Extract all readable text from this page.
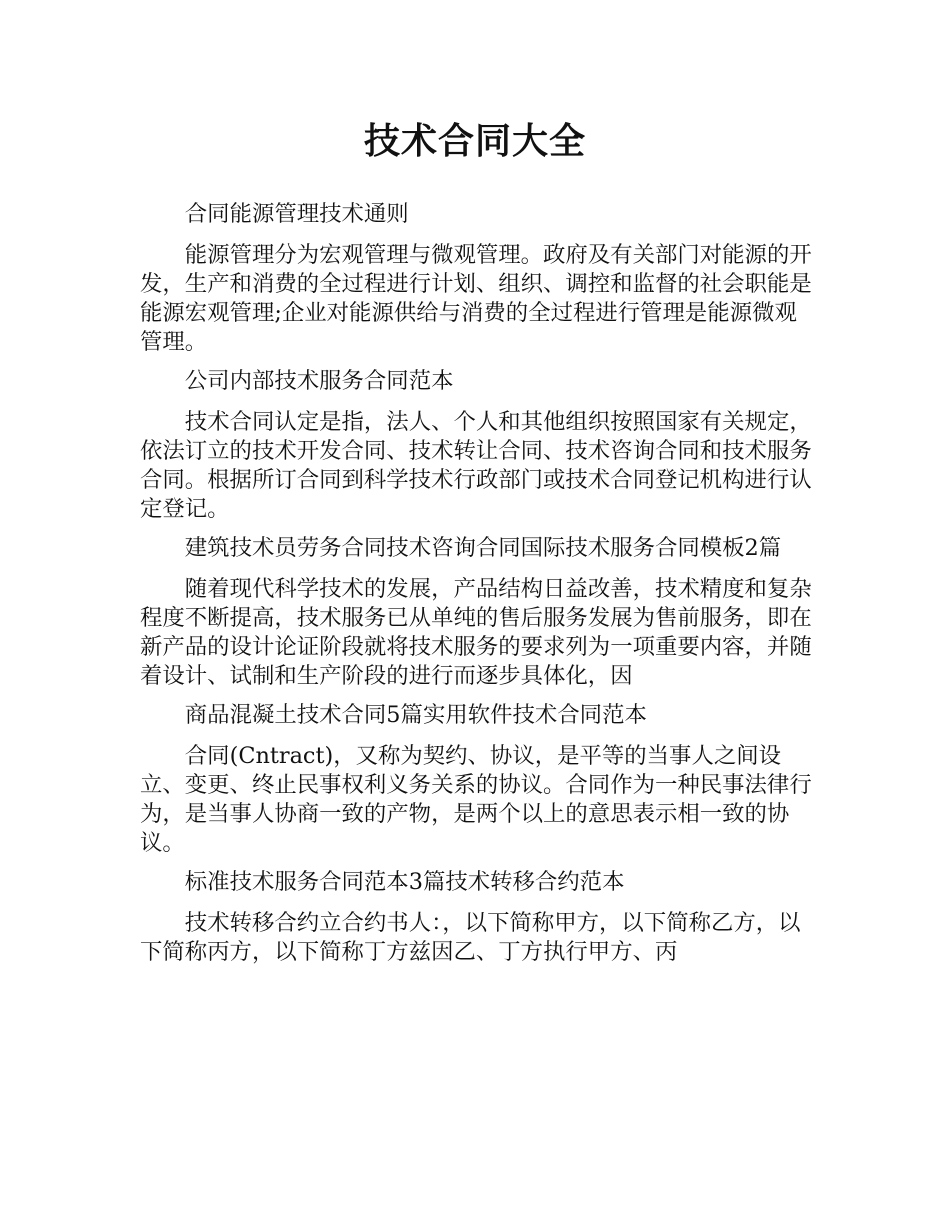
技术合同大全

合同能源管理技术通则

能源管理分为宏观管理与微观管理。政府及有关部门对能源的开发，生产和消费的全过程进行计划、组织、调控和监督的社会职能是能源宏观管理;企业对能源供给与消费的全过程进行管理是能源微观管理。

公司内部技术服务合同范本

技术合同认定是指，法人、个人和其他组织按照国家有关规定，依法订立的技术开发合同、技术转让合同、技术咨询合同和技术服务合同。根据所订合同到科学技术行政部门或技术合同登记机构进行认定登记。

建筑技术员劳务合同技术咨询合同国际技术服务合同模板2篇

随着现代科学技术的发展，产品结构日益改善，技术精度和复杂程度不断提高，技术服务已从单纯的售后服务发展为售前服务，即在新产品的设计论证阶段就将技术服务的要求列为一项重要内容，并随着设计、试制和生产阶段的进行而逐步具体化，因

商品混凝土技术合同5篇实用软件技术合同范本

合同(Cntract)，又称为契约、协议，是平等的当事人之间设立、变更、终止民事权利义务关系的协议。合同作为一种民事法律行为，是当事人协商一致的产物，是两个以上的意思表示相一致的协议。

标准技术服务合同范本3篇技术转移合约范本

技术转移合约立合约书人：，以下简称甲方，以下简称乙方，以下简称丙方，以下简称丁方兹因乙、丁方执行甲方、丙
